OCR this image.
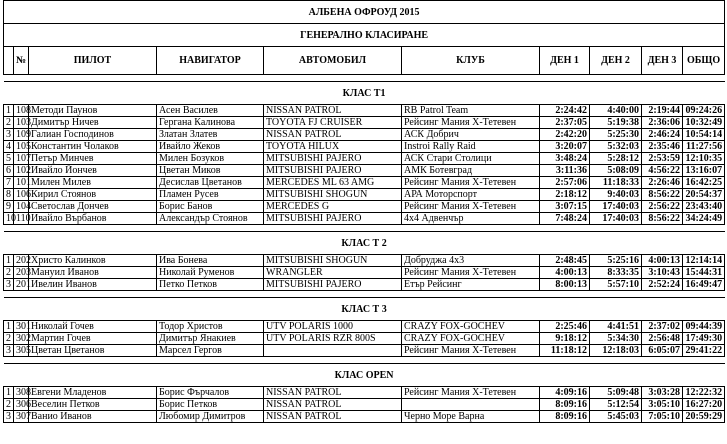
АЛБЕНА ОФРОУД 2015									
ГЕНЕРАЛНО КЛАСИРАНЕ									
	№	ПИЛОТ	НАВИГАТОР	АВТОМОБИЛ	КЛУБ	ДЕН 1	ДЕН 2	ДЕН 3	ОБЩО

КЛАС Т1									
1	108	Методи Паунов	Асен Василев	NISSAN PATROL	RB Patrol Team	2:24:42	4:40:00	2:19:44	09:24:26
2	103	Димитър Ничев	Гергана Калинова	TOYOTA FJ CRUISER	Рейсинг Мания Х-Тетевен	2:37:05	5:19:38	2:36:06	10:32:49
3	109	Галиан Господинов	Златан Златев	NISSAN PATROL	АСК Добрич	2:42:20	5:25:30	2:46:24	10:54:14
4	105	Константин Чолаков	Ивайло Жеков	TOYOTA HILUX	Instroi Rally Raid	3:20:07	5:32:03	2:35:46	11:27:56
5	107	Петър Минчев	Милен Бозуков	MITSUBISHI PAJERO	АСК Стари Столици	3:48:24	5:28:12	2:53:59	12:10:35
6	102	Ивайло Йончев	Цветан Миков	MITSUBISHI PAJERO	АМК Ботевград	3:11:36	5:08:09	4:56:22	13:16:07
7	101	Милен Милев	Десислав Цветанов	MERCEDES ML 63 AMG	Рейсинг Мания Х-Тетевен	2:57:06	11:18:33	2:26:46	16:42:25
8	106	Кирил Стоянов	Пламен Русев	MITSUBISHI SHOGUN	АРА Моторспорт	2:18:12	9:40:03	8:56:22	20:54:37
9	104	Светослав Дончев	Борис Банов	MERCEDES G	Рейсинг Мания Х-Тетевен	3:07:15	17:40:03	2:56:22	23:43:40
10	110	Ивайло Върбанов	Александър Стоянов	MITSUBISHI PAJERO	4х4 Адвенчър	7:48:24	17:40:03	8:56:22	34:24:49

КЛАС Т 2									
1	202	Христо Калинков	Ива Бонева	MITSUBISHI SHOGUN	Добруджа 4х3	2:48:45	5:25:16	4:00:13	12:14:14
2	203	Мануил Иванов	Николай Руменов	WRANGLER	Рейсинг Мания Х-Тетевен	4:00:13	8:33:35	3:10:43	15:44:31
3	201	Ивелин Иванов	Петко Петков	MITSUBISHI PAJERO	Етър Рейсинг	8:00:13	5:57:10	2:52:24	16:49:47

КЛАС Т 3									
1	301	Николай Гочев	Тодор Христов	UTV POLARIS 1000	CRAZY FOX-GOCHEV	2:25:46	4:41:51	2:37:02	09:44:39
2	302	Мартин Гочев	Димитър Янакиев	UTV POLARIS RZR 800S	CRAZY FOX-GOCHEV	9:18:12	5:34:30	2:56:48	17:49:30
3	305	Цветан Цветанов	Марсел Гергов		Рейсинг Мания Х-Тетевен	11:18:12	12:18:03	6:05:07	29:41:22

КЛАС OPEN									
1	308	Евгени Младенов	Борис Фърчалов	NISSAN PATROL	Рейсинг Мания Х-Тетевен	4:09:16	5:09:48	3:03:28	12:22:32
2	306	Веселин Петков	Борис Петков	NISSAN PATROL		8:09:16	5:12:54	3:05:10	16:27:20
3	307	Ванио Иванов	Любомир Димитров	NISSAN PATROL	Черно Море Варна	8:09:16	5:45:03	7:05:10	20:59:29
